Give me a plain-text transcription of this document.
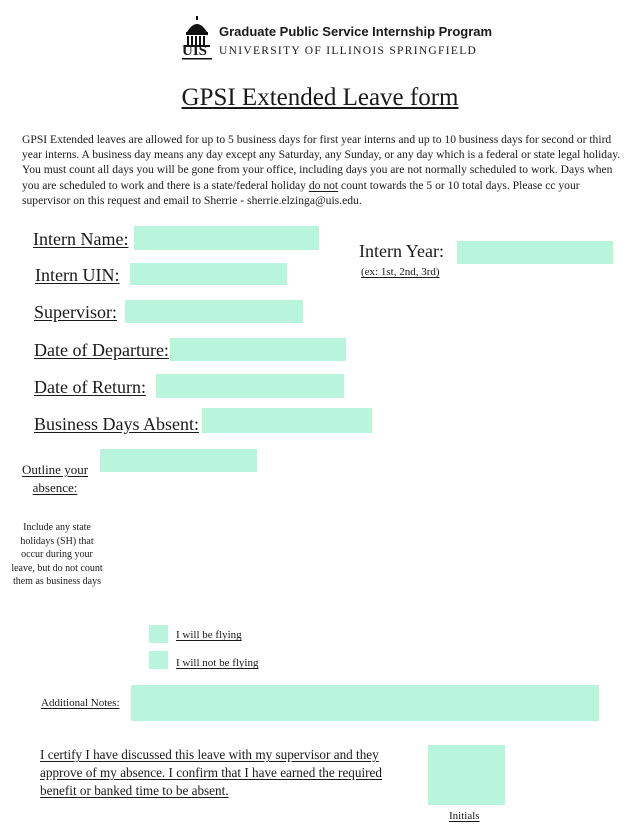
UIS
Graduate Public Service Internship Program
UNIVERSITY OF ILLINOIS SPRINGFIELD
GPSI Extended Leave form
GPSI Extended leaves are allowed for up to 5 business days for first year interns and up to 10 business days for second or third year interns. A business day means any day except any Saturday, any Sunday, or any day which is a federal or state legal holiday. You must count all days you will be gone from your office, including days you are not normally scheduled to work. Days when you are scheduled to work and there is a state/federal holiday do not count towards the 5 or 10 total days. Please cc your supervisor on this request and email to Sherrie - sherrie.elzinga@uis.edu.
Intern Name:
Intern Year:
(ex: 1st, 2nd, 3rd)
Intern UIN:
Supervisor:
Date of Departure:
Date of Return:
Business Days Absent:
Outline your
absence:
Include any state holidays (SH) that occur during your leave, but do not count them as business days
I will be flying
I will not be flying
Additional Notes:
I certify I have discussed this leave with my supervisor and they approve of my absence. I confirm that I have earned the required benefit or banked time to be absent.
Initials
